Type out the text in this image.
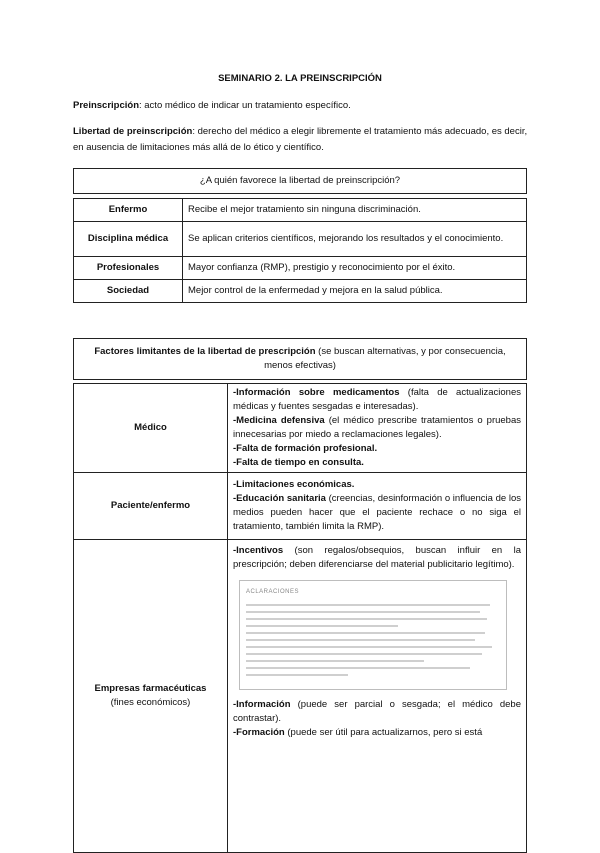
SEMINARIO 2. LA PREINSCRIPCIÓN
Preinscripción: acto médico de indicar un tratamiento específico.
Libertad de preinscripción: derecho del médico a elegir libremente el tratamiento más adecuado, es decir, en ausencia de limitaciones más allá de lo ético y científico.
¿A quién favorece la libertad de preinscripción?
Enfermo	Recibe el mejor tratamiento sin ninguna discriminación.
Disciplina médica	Se aplican criterios científicos, mejorando los resultados y el conocimiento.
Profesionales	Mayor confianza (RMP), prestigio y reconocimiento por el éxito.
Sociedad	Mejor control de la enfermedad y mejora en la salud pública.
Factores limitantes de la libertad de prescripción (se buscan alternativas, y por consecuencia, menos efectivas)
Médico	-Información sobre medicamentos (falta de actualizaciones médicas y fuentes sesgadas e interesadas).
-Medicina defensiva (el médico prescribe tratamientos o pruebas innecesarias por miedo a reclamaciones legales).
-Falta de formación profesional.
-Falta de tiempo en consulta.

Paciente/enfermo	-Limitaciones económicas.
-Educación sanitaria (creencias, desinformación o influencia de los medios pueden hacer que el paciente rechace o no siga el tratamiento, también limita la RMP).

Empresas farmacéuticas
(fines económicos)	-Incentivos (son regalos/obsequios, buscan influir en la prescripción; deben diferenciarse del material publicitario legítimo).
ACLARACIONES
-Información (puede ser parcial o sesgada; el médico debe contrastar).
-Formación (puede ser útil para actualizarnos, pero si está
